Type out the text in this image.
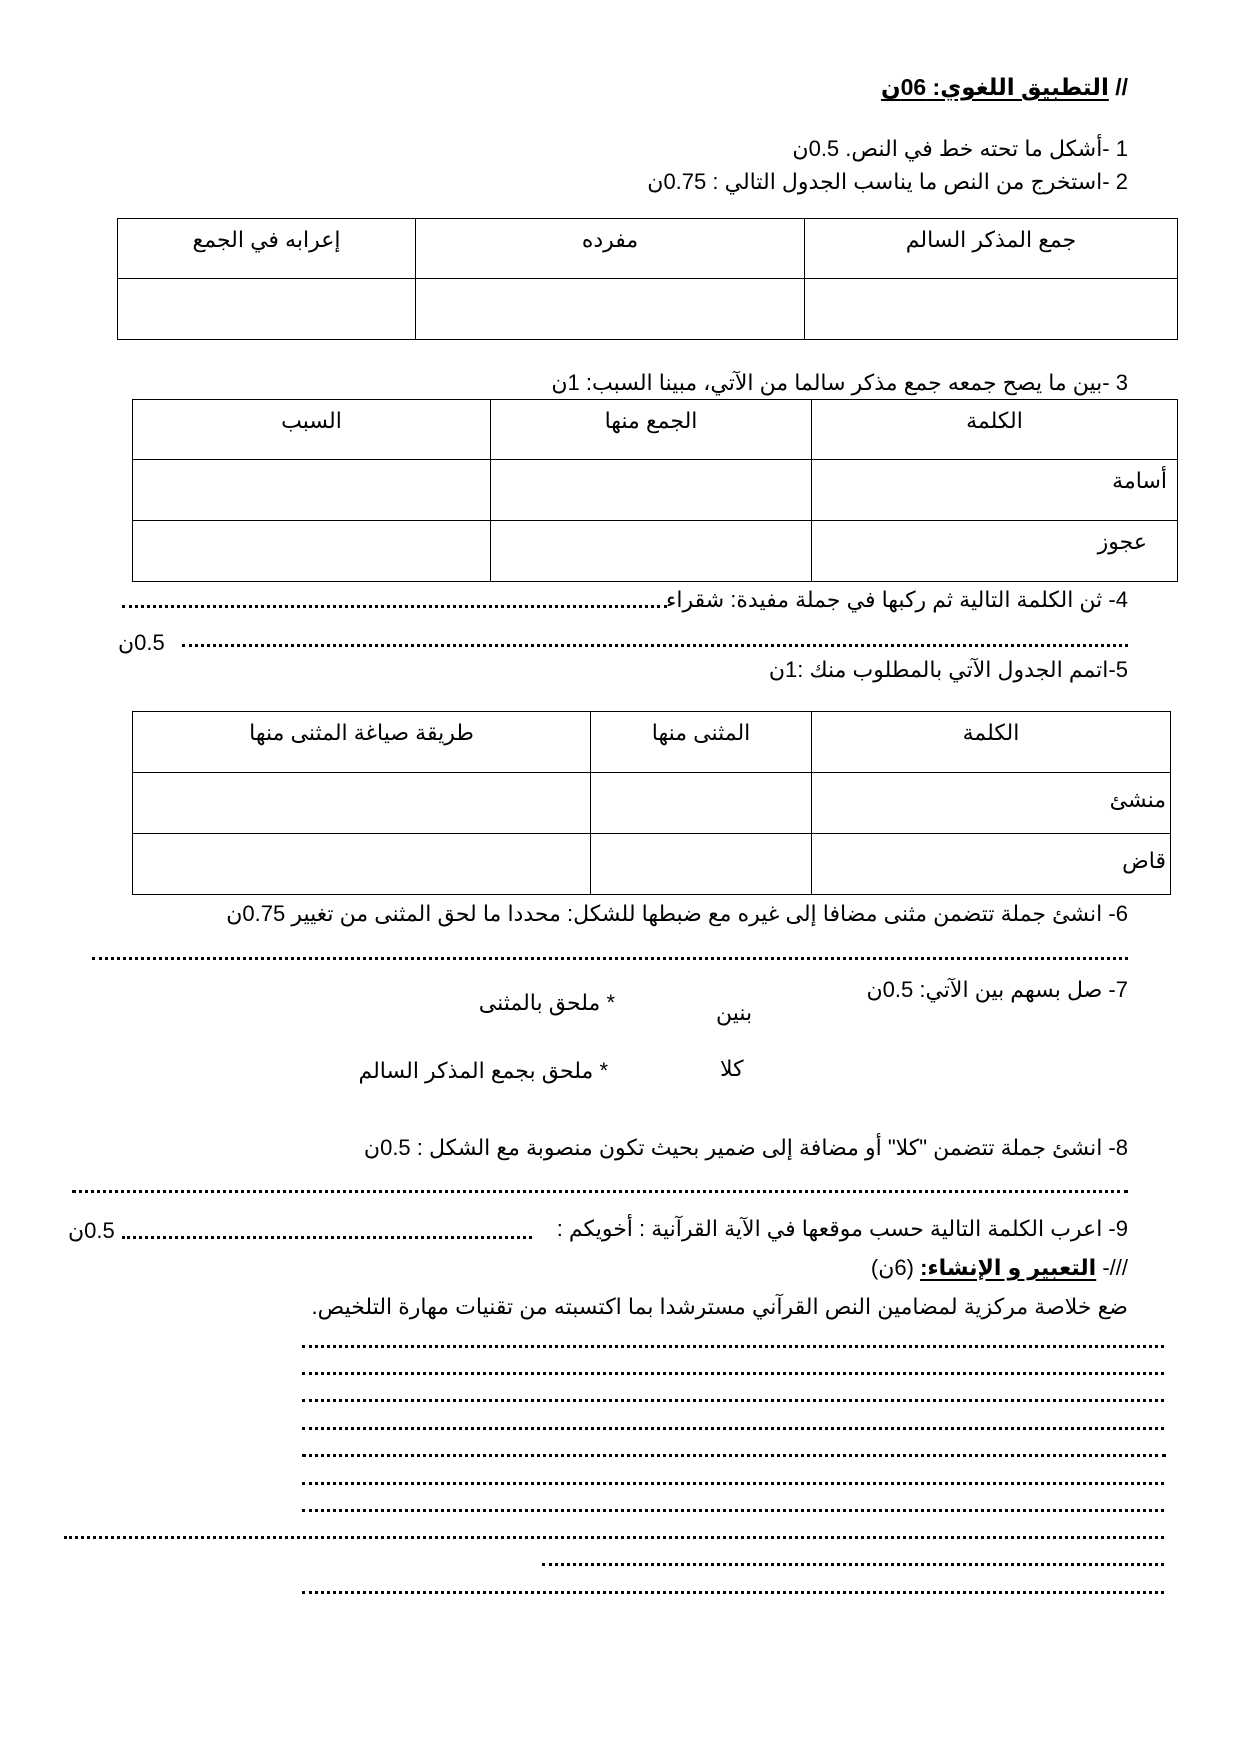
// التطبيق اللغوي: 06ن
1 -أشكل ما تحته خط في النص. 0.5ن
2 -استخرج من النص ما يناسب الجدول التالي : 0.75ن
جمع المذكر السالم	مفرده	إعرابه في الجمع

3 -بين ما يصح جمعه جمع مذكر سالما من الآتي، مبينا السبب: 1ن
الكلمة	الجمع منها	السبب
أسامة		
عجوز		
4- ثن الكلمة التالية ثم ركبها في جملة مفيدة: شقراء
0.5ن
5-اتمم الجدول الآتي بالمطلوب منك :1ن
الكلمة	المثنى منها	طريقة صياغة المثنى منها
منشئ		
قاض		
6- انشئ جملة تتضمن مثنى مضافا إلى غيره مع ضبطها للشكل: محددا ما لحق المثنى من تغيير 0.75ن
7- صل بسهم بين الآتي: 0.5ن
بنين
كلا
* ملحق بالمثنى
* ملحق بجمع المذكر السالم
8- انشئ جملة تتضمن "كلا" أو مضافة إلى ضمير بحيث تكون منصوبة مع الشكل : 0.5ن
9- اعرب الكلمة التالية حسب موقعها في الآية القرآنية : أخويكم :
0.5ن
///- التعبير و الإنشاء: (6ن)
ضع خلاصة مركزية لمضامين النص القرآني مسترشدا بما اكتسبته من تقنيات مهارة التلخيص.
